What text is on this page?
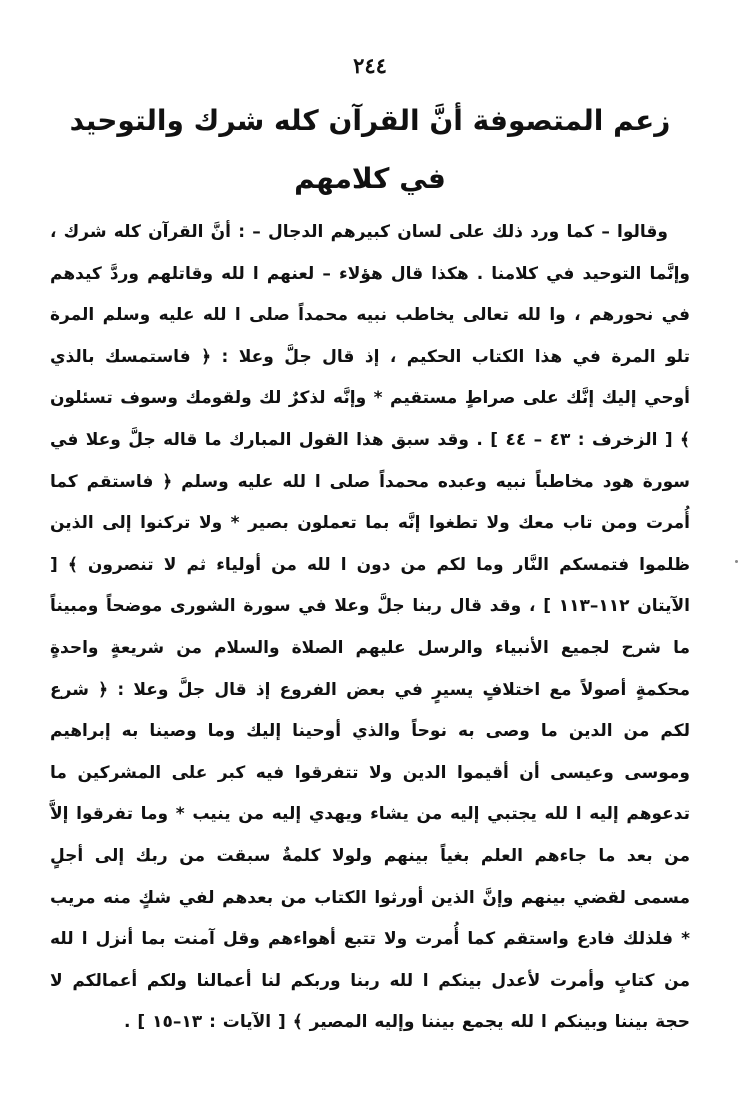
٢٤٤
زعم المتصوفة أنَّ القرآن كله شرك والتوحيد في كلامهم

وقالوا – كما ورد ذلك على لسان كبيرهم الدجال – : أنَّ القرآن كله شرك ، وإنَّما التوحيد في كلامنا . هكذا قال هؤلاء – لعنهم ا لله وقاتلهم وردَّ كيدهم في نحورهم ، وا لله تعالى يخاطب نبيه محمداً صلى ا لله عليه وسلم المرة تلو المرة في هذا الكتاب الحكيم ، إذ قال جلَّ وعلا : ﴿ فاستمسك بالذي أوحي إليك إنَّك على صراطٍ مستقيم * وإنَّه لذكرٌ لك ولقومك وسوف تسئلون ﴾ [ الزخرف : ٤٣ – ٤٤ ] . وقد سبق هذا القول المبارك ما قاله جلَّ وعلا في سورة هود مخاطباً نبيه وعبده محمداً صلى ا لله عليه وسلم ﴿ فاستقم كما أُمرت ومن تاب معك ولا تطغوا إنَّه بما تعملون بصير * ولا تركنوا إلى الذين ظلموا فتمسكم النَّار وما لكم من دون ا لله من أولياء ثم لا تنصرون ﴾ [ الآيتان ١١٢–١١٣ ] ، وقد قال ربنا جلَّ وعلا في سورة الشورى موضحاً ومبيناً ما شرح لجميع الأنبياء والرسل عليهم الصلاة والسلام من شريعةٍ واحدةٍ محكمةٍ أصولاً مع اختلافٍ يسيرٍ في بعض الفروع إذ قال جلَّ وعلا : ﴿ شرع لكم من الدين ما وصى به نوحاً والذي أوحينا إليك وما وصينا به إبراهيم وموسى وعيسى أن أقيموا الدين ولا تتفرقوا فيه كبر على المشركين ما تدعوهم إليه ا لله يجتبي إليه من يشاء ويهدي إليه من ينيب * وما تفرقوا إلاَّ من بعد ما جاءهم العلم بغياً بينهم ولولا كلمةٌ سبقت من ربك إلى أجلٍ مسمى لقضي بينهم وإنَّ الذين أورثوا الكتاب من بعدهم لفي شكٍ منه مريب * فلذلك فادع واستقم كما أُمرت ولا تتبع أهواءهم وقل آمنت بما أنزل ا لله من كتابٍ وأمرت لأعدل بينكم ا لله ربنا وربكم لنا أعمالنا ولكم أعمالكم لا حجة بيننا وبينكم ا لله يجمع بيننا وإليه المصير ﴾ [ الآيات : ١٣–١٥ ] .
